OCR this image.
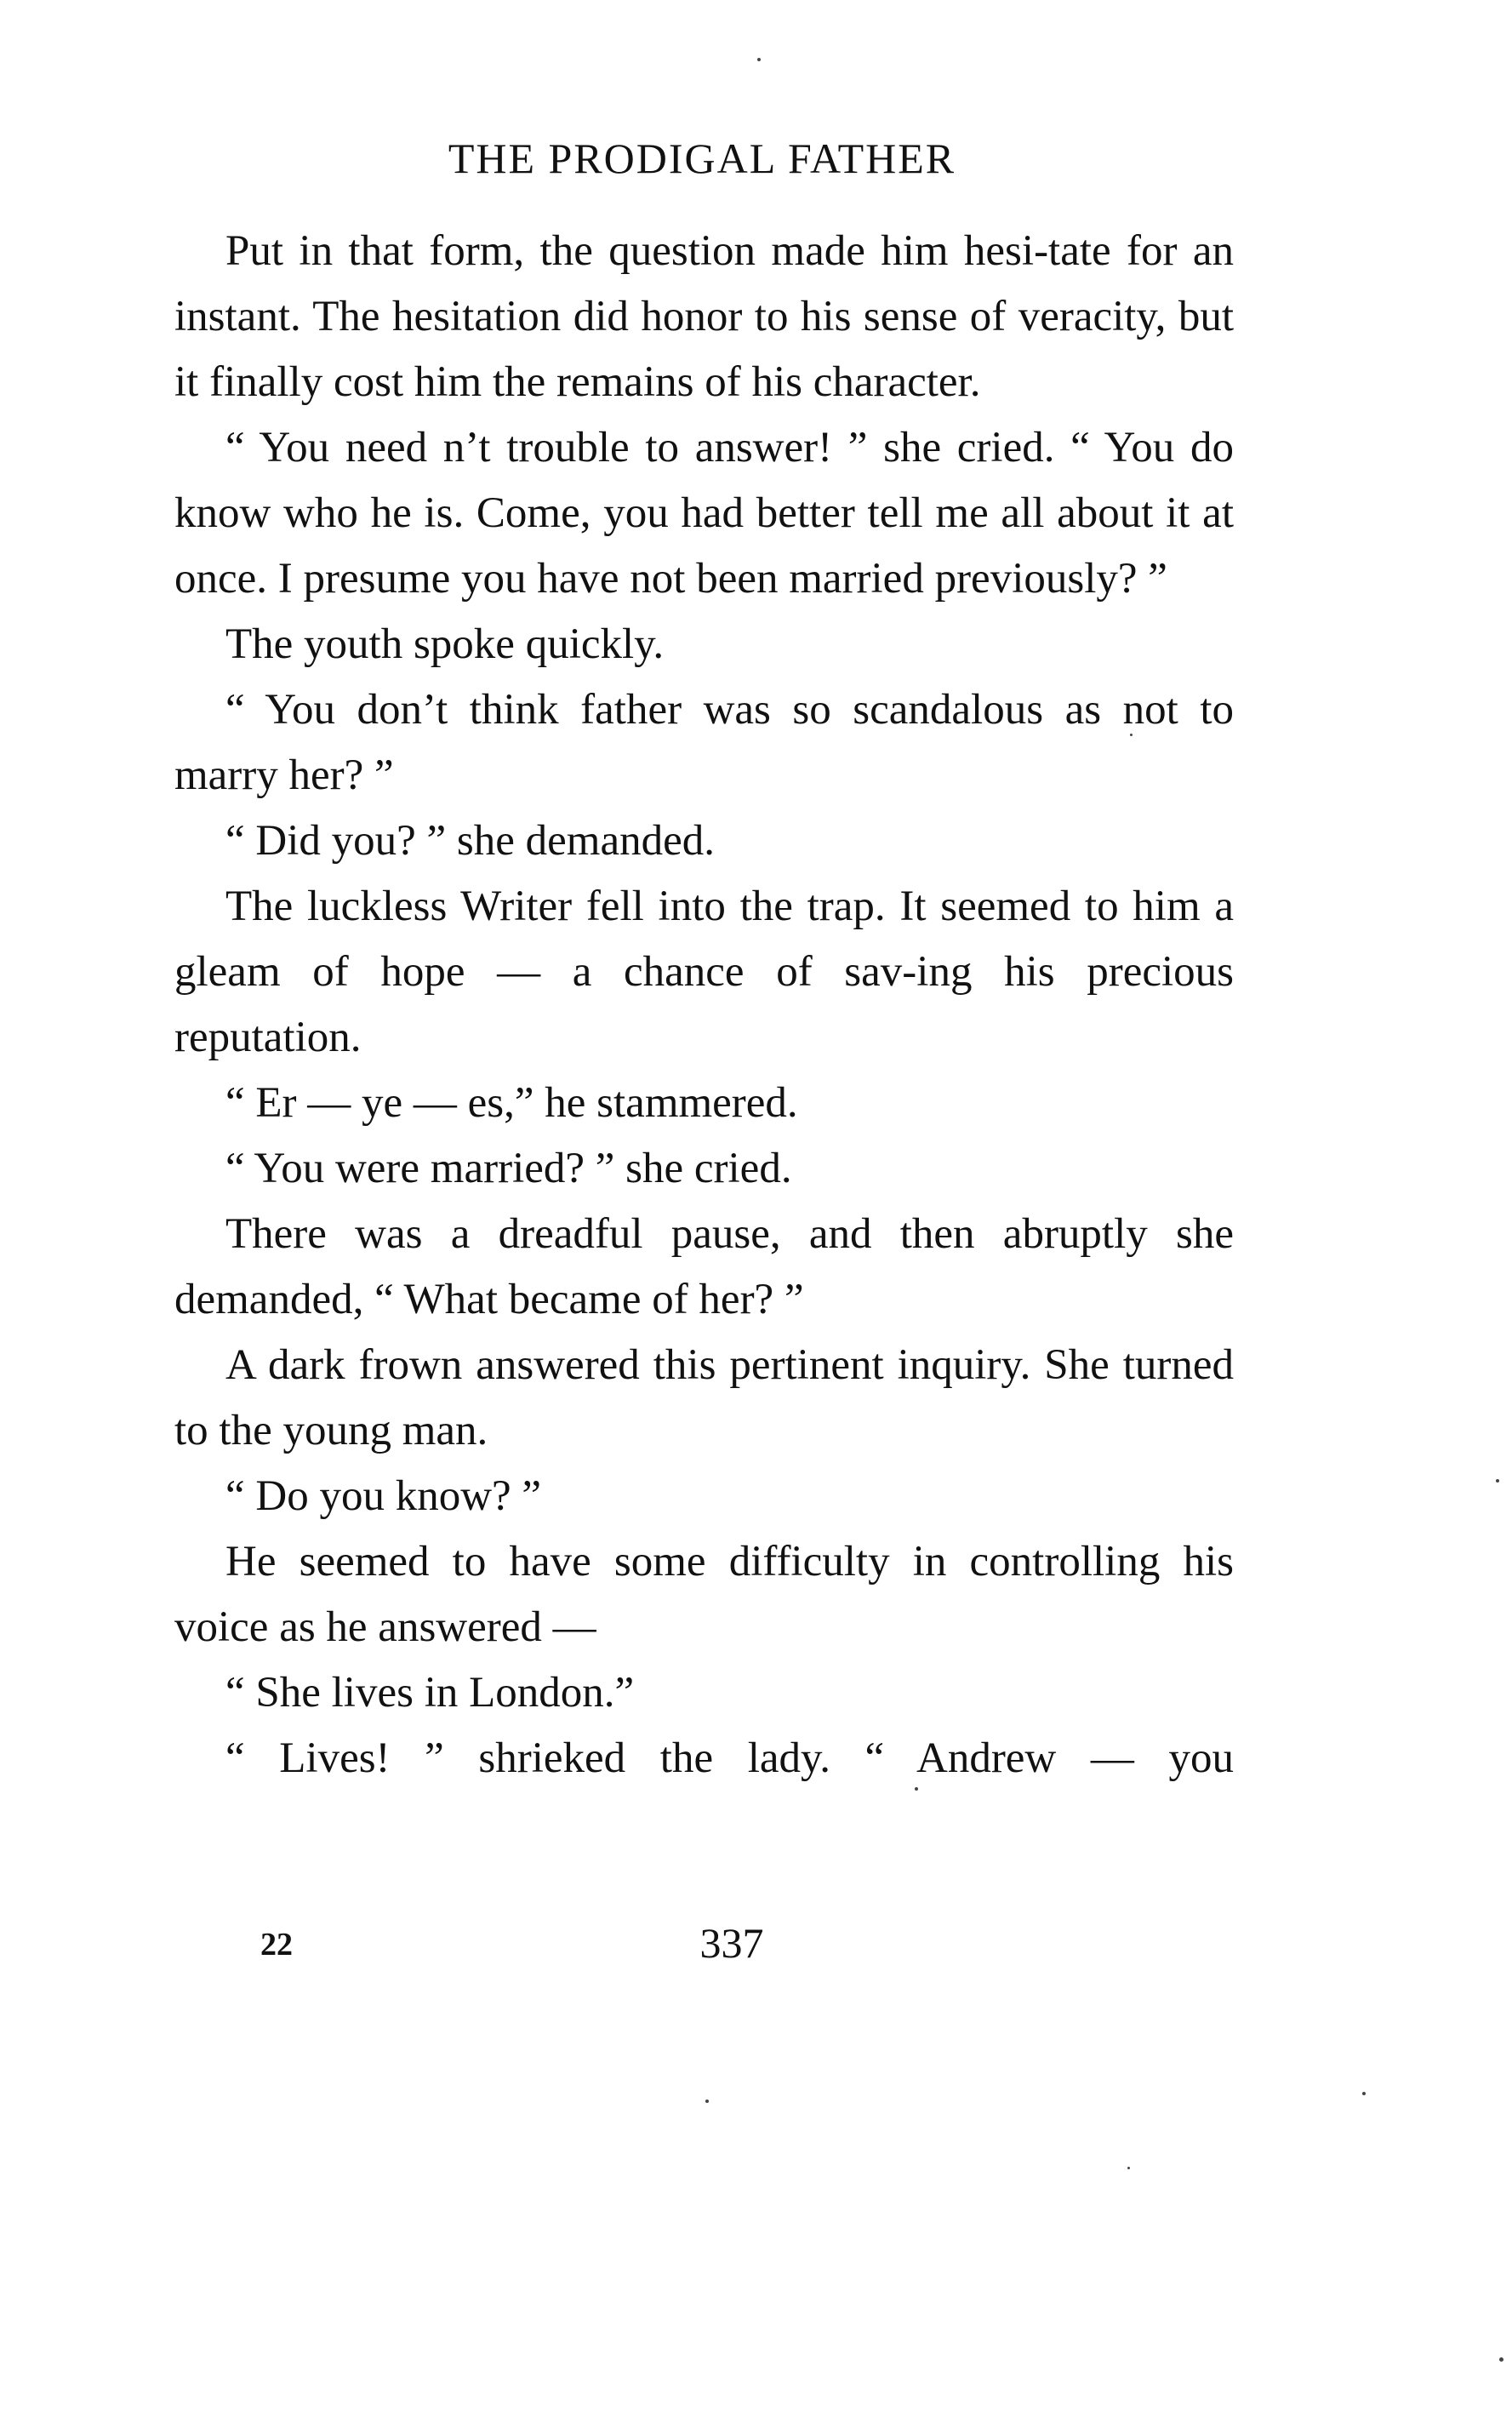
THE PRODIGAL FATHER

Put in that form, the question made him hesi-tate for an instant. The hesitation did honor to his sense of veracity, but it finally cost him the remains of his character.

“ You need n’t trouble to answer! ” she cried. “ You do know who he is. Come, you had better tell me all about it at once. I presume you have not been married previously? ”

The youth spoke quickly.

“ You don’t think father was so scandalous as not to marry her? ”

“ Did you? ” she demanded.

The luckless Writer fell into the trap. It seemed to him a gleam of hope — a chance of sav-ing his precious reputation.

“ Er — ye — es,” he stammered.

“ You were married? ” she cried.

There was a dreadful pause, and then abruptly she demanded, “ What became of her? ”

A dark frown answered this pertinent inquiry. She turned to the young man.

“ Do you know? ”

He seemed to have some difficulty in controlling his voice as he answered —

“ She lives in London.”

“ Lives! ” shrieked the lady. “ Andrew — you

22	337
